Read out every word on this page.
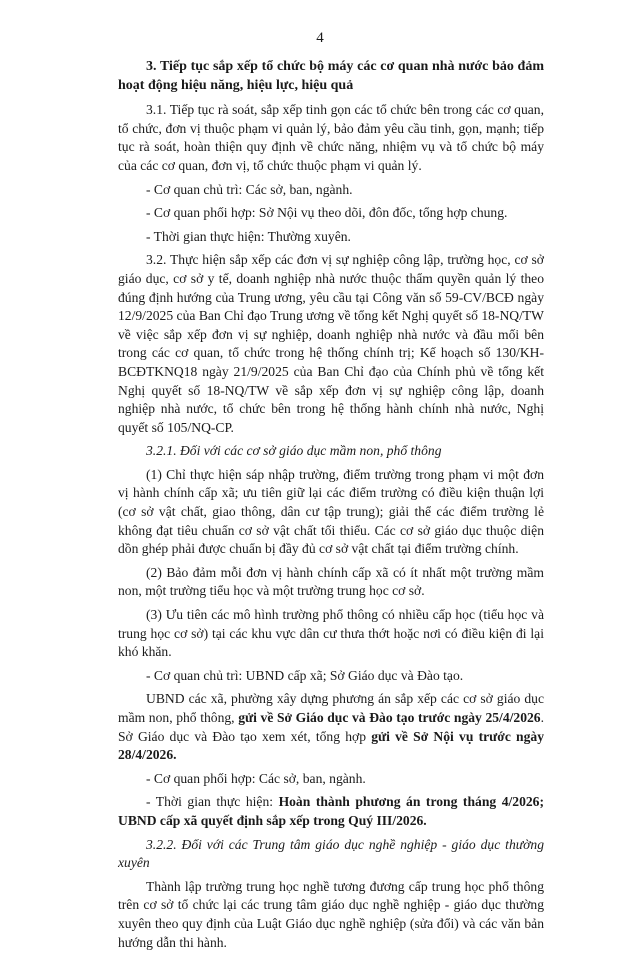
4

3. Tiếp tục sắp xếp tổ chức bộ máy các cơ quan nhà nước bảo đảm hoạt động hiệu năng, hiệu lực, hiệu quả

3.1. Tiếp tục rà soát, sắp xếp tinh gọn các tổ chức bên trong các cơ quan, tổ chức, đơn vị thuộc phạm vi quản lý, bảo đảm yêu cầu tinh, gọn, mạnh; tiếp tục rà soát, hoàn thiện quy định về chức năng, nhiệm vụ và tổ chức bộ máy của các cơ quan, đơn vị, tổ chức thuộc phạm vi quản lý.

- Cơ quan chủ trì: Các sở, ban, ngành.

- Cơ quan phối hợp: Sở Nội vụ theo dõi, đôn đốc, tổng hợp chung.

- Thời gian thực hiện: Thường xuyên.

3.2. Thực hiện sắp xếp các đơn vị sự nghiệp công lập, trường học, cơ sở giáo dục, cơ sở y tế, doanh nghiệp nhà nước thuộc thẩm quyền quản lý theo đúng định hướng của Trung ương, yêu cầu tại Công văn số 59-CV/BCĐ ngày 12/9/2025 của Ban Chỉ đạo Trung ương về tổng kết Nghị quyết số 18-NQ/TW về việc sắp xếp đơn vị sự nghiệp, doanh nghiệp nhà nước và đầu mối bên trong các cơ quan, tổ chức trong hệ thống chính trị; Kế hoạch số 130/KH-BCĐTKNQ18 ngày 21/9/2025 của Ban Chỉ đạo của Chính phủ về tổng kết Nghị quyết số 18-NQ/TW về sắp xếp đơn vị sự nghiệp công lập, doanh nghiệp nhà nước, tổ chức bên trong hệ thống hành chính nhà nước, Nghị quyết số 105/NQ-CP.

3.2.1. Đối với các cơ sở giáo dục mầm non, phổ thông

(1) Chỉ thực hiện sáp nhập trường, điểm trường trong phạm vi một đơn vị hành chính cấp xã; ưu tiên giữ lại các điểm trường có điều kiện thuận lợi (cơ sở vật chất, giao thông, dân cư tập trung); giải thể các điểm trường lẻ không đạt tiêu chuẩn cơ sở vật chất tối thiểu. Các cơ sở giáo dục thuộc diện dồn ghép phải được chuẩn bị đầy đủ cơ sở vật chất tại điểm trường chính.

(2) Bảo đảm mỗi đơn vị hành chính cấp xã có ít nhất một trường mầm non, một trường tiểu học và một trường trung học cơ sở.

(3) Ưu tiên các mô hình trường phổ thông có nhiều cấp học (tiểu học và trung học cơ sở) tại các khu vực dân cư thưa thớt hoặc nơi có điều kiện đi lại khó khăn.

- Cơ quan chủ trì: UBND cấp xã; Sở Giáo dục và Đào tạo.

UBND các xã, phường xây dựng phương án sắp xếp các cơ sở giáo dục mầm non, phổ thông, gửi về Sở Giáo dục và Đào tạo trước ngày 25/4/2026. Sở Giáo dục và Đào tạo xem xét, tổng hợp gửi về Sở Nội vụ trước ngày 28/4/2026.

- Cơ quan phối hợp: Các sở, ban, ngành.

- Thời gian thực hiện: Hoàn thành phương án trong tháng 4/2026; UBND cấp xã quyết định sắp xếp trong Quý III/2026.

3.2.2. Đối với các Trung tâm giáo dục nghề nghiệp - giáo dục thường xuyên

Thành lập trường trung học nghề tương đương cấp trung học phổ thông trên cơ sở tổ chức lại các trung tâm giáo dục nghề nghiệp - giáo dục thường xuyên theo quy định của Luật Giáo dục nghề nghiệp (sửa đổi) và các văn bản hướng dẫn thi hành.
